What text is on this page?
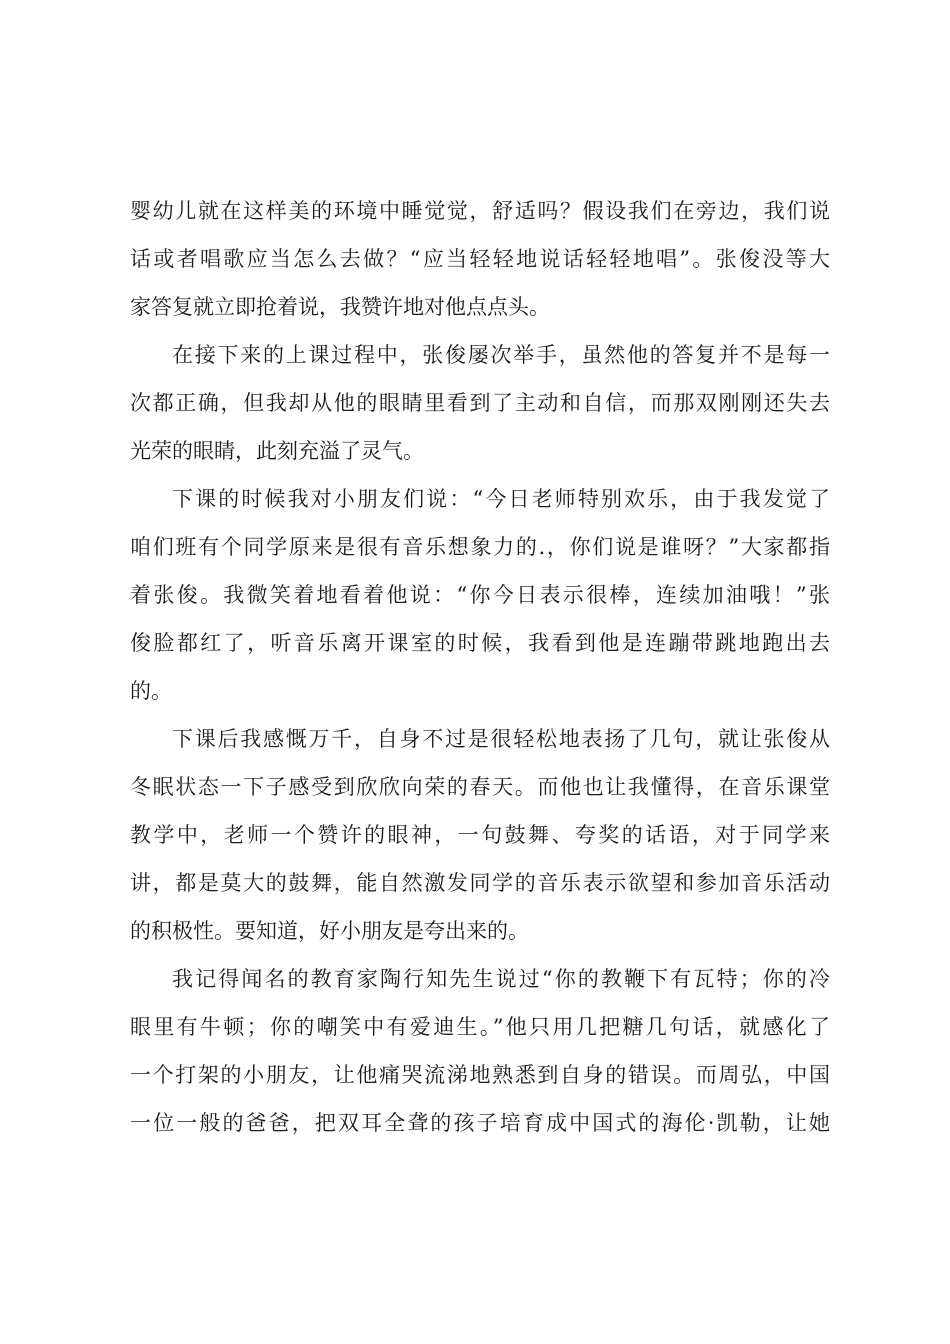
婴幼儿就在这样美的环境中睡觉觉，舒适吗？假设我们在旁边，我们说
话或者唱歌应当怎么去做？“应当轻轻地说话轻轻地唱”。张俊没等大
家答复就立即抢着说，我赞许地对他点点头。
在接下来的上课过程中，张俊屡次举手，虽然他的答复并不是每一
次都正确，但我却从他的眼睛里看到了主动和自信，而那双刚刚还失去
光荣的眼睛，此刻充溢了灵气。
下课的时候我对小朋友们说：“今日老师特别欢乐，由于我发觉了
咱们班有个同学原来是很有音乐想象力的.，你们说是谁呀？”大家都指
着张俊。我微笑着地看着他说：“你今日表示很棒，连续加油哦！”张
俊脸都红了，听音乐离开课室的时候，我看到他是连蹦带跳地跑出去
的。
下课后我感慨万千，自身不过是很轻松地表扬了几句，就让张俊从
冬眠状态一下子感受到欣欣向荣的春天。而他也让我懂得，在音乐课堂
教学中，老师一个赞许的眼神，一句鼓舞、夸奖的话语，对于同学来
讲，都是莫大的鼓舞，能自然激发同学的音乐表示欲望和参加音乐活动
的积极性。要知道，好小朋友是夸出来的。
我记得闻名的教育家陶行知先生说过“你的教鞭下有瓦特；你的冷
眼里有牛顿；你的嘲笑中有爱迪生。”他只用几把糖几句话，就感化了
一个打架的小朋友，让他痛哭流涕地熟悉到自身的错误。而周弘，中国
一位一般的爸爸，把双耳全聋的孩子培育成中国式的海伦·凯勒，让她
